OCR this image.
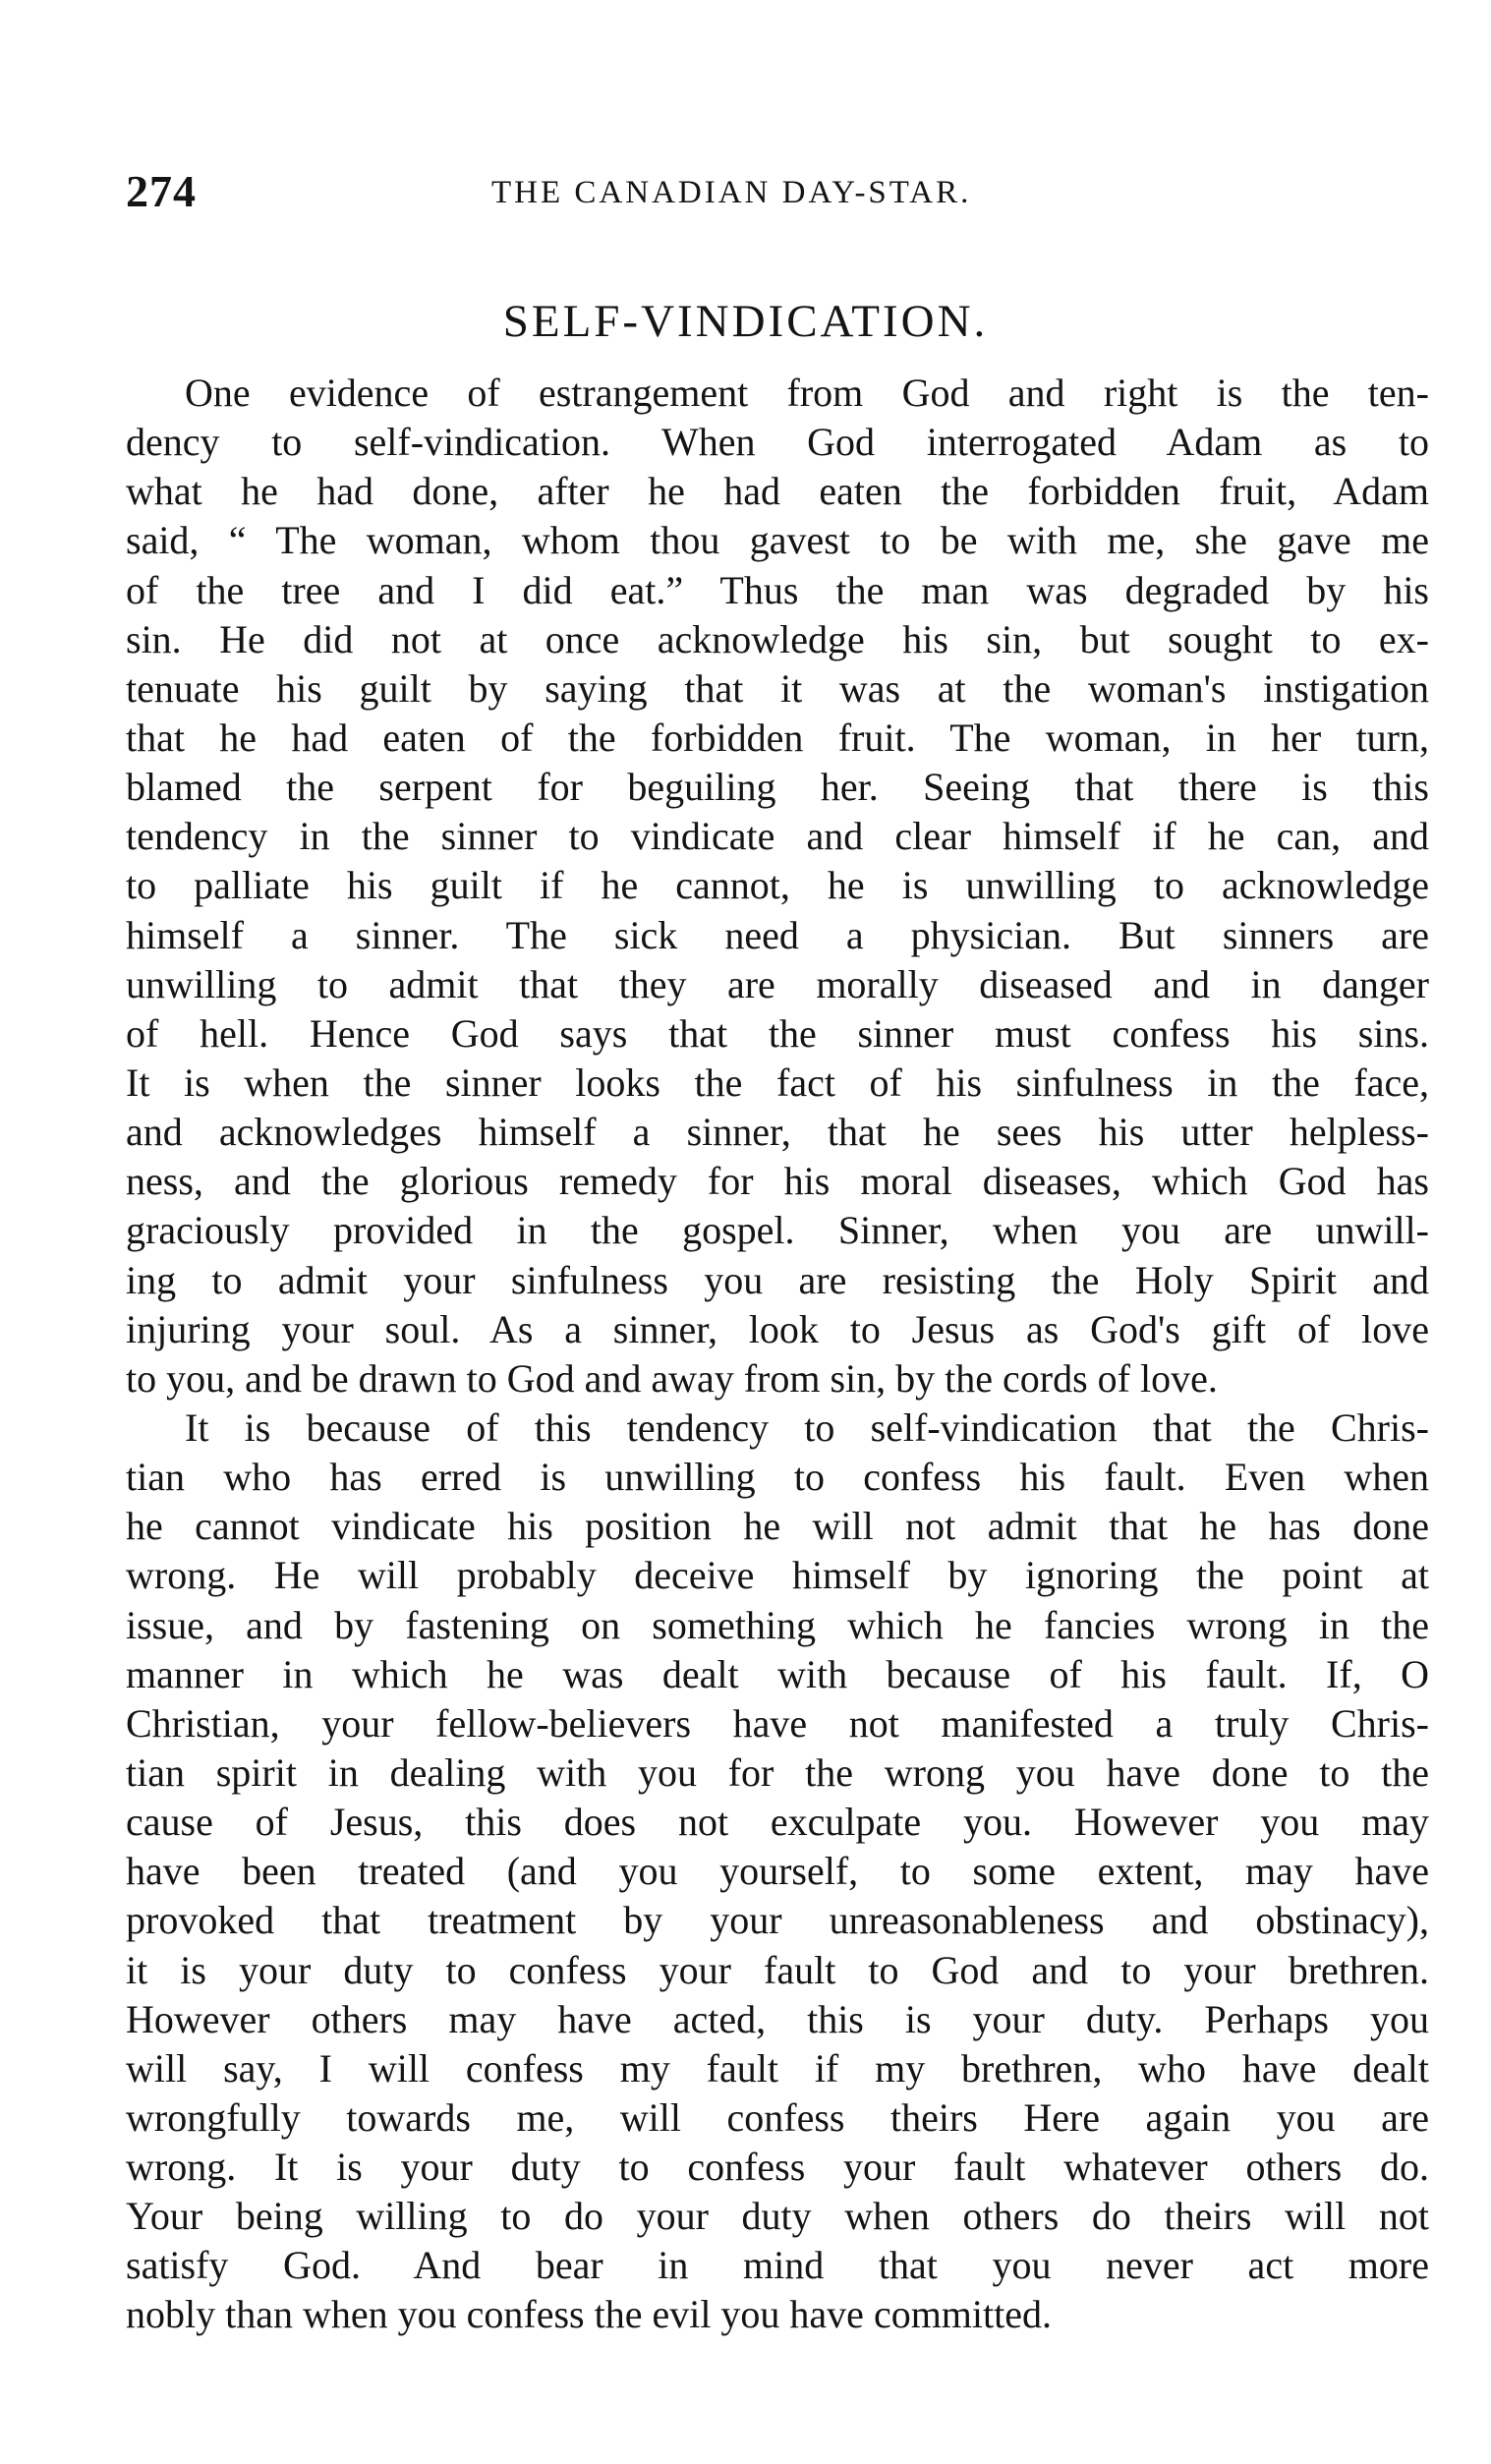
274	THE CANADIAN DAY-STAR.
SELF-VINDICATION.
One evidence of estrangement from God and right is the ten-
dency to self-vindication. When God interrogated Adam as to
what he had done, after he had eaten the forbidden fruit, Adam
said, “ The woman, whom thou gavest to be with me, she gave me
of the tree and I did eat.” Thus the man was degraded by his
sin. He did not at once acknowledge his sin, but sought to ex-
tenuate his guilt by saying that it was at the woman's instigation
that he had eaten of the forbidden fruit. The woman, in her turn,
blamed the serpent for beguiling her. Seeing that there is this
tendency in the sinner to vindicate and clear himself if he can, and
to palliate his guilt if he cannot, he is unwilling to acknowledge
himself a sinner. The sick need a physician. But sinners are
unwilling to admit that they are morally diseased and in danger
of hell. Hence God says that the sinner must confess his sins.
It is when the sinner looks the fact of his sinfulness in the face,
and acknowledges himself a sinner, that he sees his utter helpless-
ness, and the glorious remedy for his moral diseases, which God has
graciously provided in the gospel. Sinner, when you are unwill-
ing to admit your sinfulness you are resisting the Holy Spirit and
injuring your soul. As a sinner, look to Jesus as God's gift of love
to you, and be drawn to God and away from sin, by the cords of love.
It is because of this tendency to self-vindication that the Chris-
tian who has erred is unwilling to confess his fault. Even when
he cannot vindicate his position he will not admit that he has done
wrong. He will probably deceive himself by ignoring the point at
issue, and by fastening on something which he fancies wrong in the
manner in which he was dealt with because of his fault. If, O
Christian, your fellow-believers have not manifested a truly Chris-
tian spirit in dealing with you for the wrong you have done to the
cause of Jesus, this does not exculpate you. However you may
have been treated (and you yourself, to some extent, may have
provoked that treatment by your unreasonableness and obstinacy),
it is your duty to confess your fault to God and to your brethren.
However others may have acted, this is your duty. Perhaps you
will say, I will confess my fault if my brethren, who have dealt
wrongfully towards me, will confess theirs Here again you are
wrong. It is your duty to confess your fault whatever others do.
Your being willing to do your duty when others do theirs will not
satisfy God. And bear in mind that you never act more
nobly than when you confess the evil you have committed.
